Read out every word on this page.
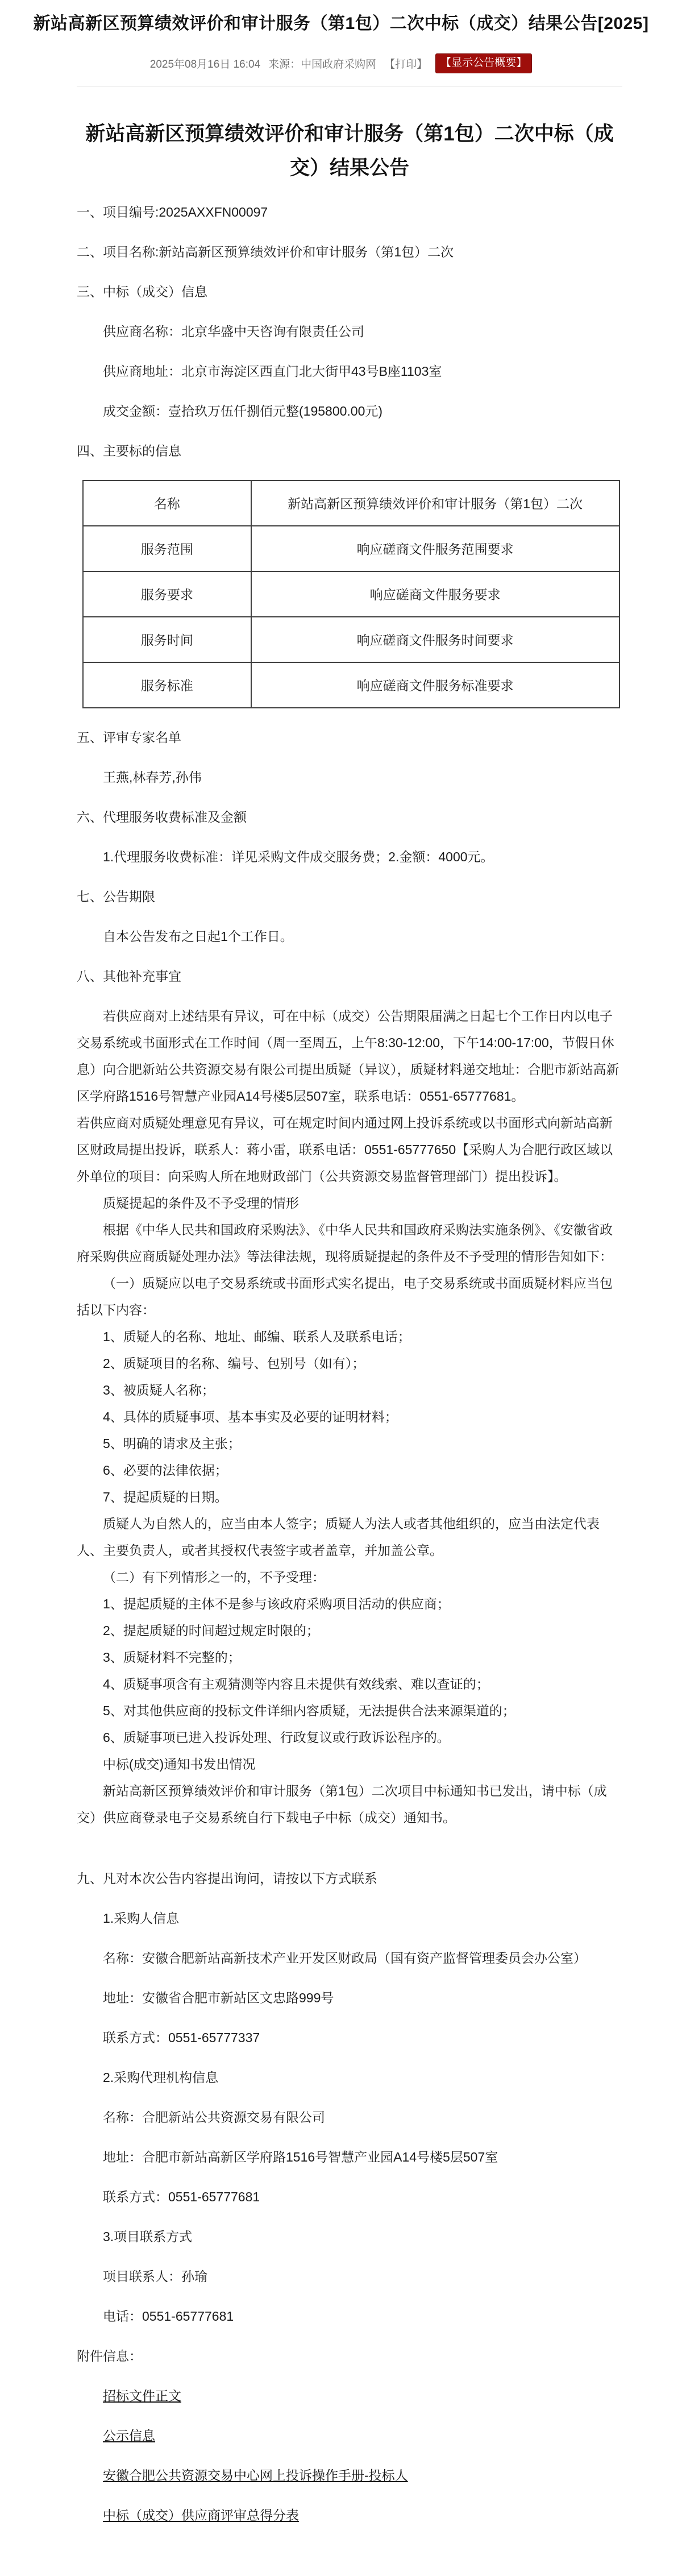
新站高新区预算绩效评价和审计服务（第1包）二次中标（成交）结果公告[2025]
2025年08月16日 16:04 来源：中国政府采购网 【打印】	【显示公告概要】
新站高新区预算绩效评价和审计服务（第1包）二次中标（成交）结果公告

一、项目编号:2025AXXFN00097

二、项目名称:新站高新区预算绩效评价和审计服务（第1包）二次

三、中标（成交）信息

供应商名称：北京华盛中天咨询有限责任公司

供应商地址：北京市海淀区西直门北大街甲43号B座1103室

成交金额：壹拾玖万伍仟捌佰元整(195800.00元)

四、主要标的信息

名称	新站高新区预算绩效评价和审计服务（第1包）二次
服务范围	响应磋商文件服务范围要求
服务要求	响应磋商文件服务要求
服务时间	响应磋商文件服务时间要求
服务标准	响应磋商文件服务标准要求

五、评审专家名单

王燕,林春芳,孙伟

六、代理服务收费标准及金额

1.代理服务收费标准：详见采购文件成交服务费；2.金额：4000元。

七、公告期限

自本公告发布之日起1个工作日。

八、其他补充事宜

若供应商对上述结果有异议，可在中标（成交）公告期限届满之日起七个工作日内以电子交易系统或书面形式在工作时间（周一至周五，上午8:30-12:00，下午14:00-17:00，节假日休息）向合肥新站公共资源交易有限公司提出质疑（异议），质疑材料递交地址：合肥市新站高新区学府路1516号智慧产业园A14号楼5层507室，联系电话：0551-65777681。

若供应商对质疑处理意见有异议，可在规定时间内通过网上投诉系统或以书面形式向新站高新区财政局提出投诉，联系人：蒋小雷，联系电话：0551-65777650【采购人为合肥行政区域以外单位的项目：向采购人所在地财政部门（公共资源交易监督管理部门）提出投诉】。

质疑提起的条件及不予受理的情形

根据《中华人民共和国政府采购法》、《中华人民共和国政府采购法实施条例》、《安徽省政府采购供应商质疑处理办法》等法律法规，现将质疑提起的条件及不予受理的情形告知如下：

（一）质疑应以电子交易系统或书面形式实名提出，电子交易系统或书面质疑材料应当包括以下内容：

1、质疑人的名称、地址、邮编、联系人及联系电话；

2、质疑项目的名称、编号、包别号（如有）；

3、被质疑人名称；

4、具体的质疑事项、基本事实及必要的证明材料；

5、明确的请求及主张；

6、必要的法律依据；

7、提起质疑的日期。

质疑人为自然人的，应当由本人签字；质疑人为法人或者其他组织的，应当由法定代表人、主要负责人，或者其授权代表签字或者盖章，并加盖公章。

（二）有下列情形之一的，不予受理：

1、提起质疑的主体不是参与该政府采购项目活动的供应商；

2、提起质疑的时间超过规定时限的；

3、质疑材料不完整的；

4、质疑事项含有主观猜测等内容且未提供有效线索、难以查证的；

5、对其他供应商的投标文件详细内容质疑，无法提供合法来源渠道的；

6、质疑事项已进入投诉处理、行政复议或行政诉讼程序的。

中标(成交)通知书发出情况

新站高新区预算绩效评价和审计服务（第1包）二次项目中标通知书已发出，请中标（成交）供应商登录电子交易系统自行下载电子中标（成交）通知书。

九、凡对本次公告内容提出询问，请按以下方式联系

1.采购人信息

名称：安徽合肥新站高新技术产业开发区财政局（国有资产监督管理委员会办公室）

地址：安徽省合肥市新站区文忠路999号

联系方式：0551-65777337

2.采购代理机构信息

名称：合肥新站公共资源交易有限公司

地址：合肥市新站高新区学府路1516号智慧产业园A14号楼5层507室

联系方式：0551-65777681

3.项目联系方式

项目联系人：孙瑜

电话：0551-65777681

附件信息：

招标文件正文

公示信息

安徽合肥公共资源交易中心网上投诉操作手册-投标人

中标（成交）供应商评审总得分表
